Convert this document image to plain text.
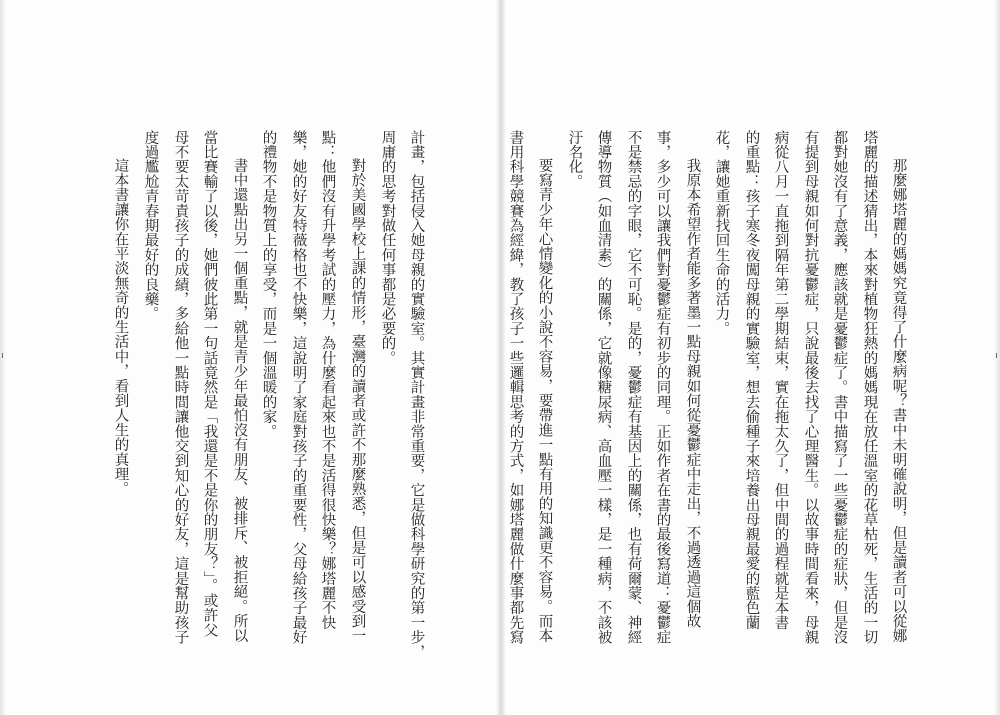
計畫，包括侵入她母親的實驗室。其實計畫非常重要，它是做科學研究的第一步，
周庸的思考對做任何事都是必要的。
對於美國學校上課的情形，臺灣的讀者或許不那麼熟悉，但是可以感受到一
點：他們沒有升學考試的壓力，為什麼看起來也不是活得很快樂？娜塔麗不快
樂，她的好友特薇格也不快樂，這說明了家庭對孩子的重要性，父母給孩子最好
的禮物不是物質上的享受，而是一個溫暖的家。
書中還點出另一個重點，就是青少年最怕沒有朋友、被排斥、被拒絕。所以
當比賽輸了以後，她們彼此第一句話竟然是「我還是不是你的朋友？」。或許父
母不要太苛責孩子的成績，多給他一點時間讓他交到知心的好友，這是幫助孩子
度過尷尬青春期最好的良藥。
這本書讓你在平淡無奇的生活中，看到人生的真理。	那麼娜塔麗的媽媽究竟得了什麼病呢？書中未明確說明，但是讀者可以從娜
塔麗的描述猜出，本來對植物狂熱的媽媽現在放任溫室的花草枯死，生活的一切
都對她沒有了意義，應該就是憂鬱症了。書中描寫了一些憂鬱症的症狀，但是沒
有提到母親如何對抗憂鬱症，只說最後去找了心理醫生。以故事時間看來，母親
病從八月一直拖到隔年第二學期結束，實在拖太久了，但中間的過程就是本書
的重點：孩子寒冬夜闖母親的實驗室，想去偷種子來培養出母親最愛的藍色蘭
花，讓她重新找回生命的活力。
我原本希望作者能多著墨一點母親如何從憂鬱症中走出，不過透過這個故
事，多少可以讓我們對憂鬱症有初步的同理。正如作者在書的最後寫道：憂鬱症
不是禁忌的字眼，它不可恥。是的，憂鬱症有基因上的關係，也有荷爾蒙、神經
傳導物質（如血清素）的關係，它就像糖尿病、高血壓一樣，是一種病，不該被
汙名化。
要寫青少年心情變化的小說不容易，要帶進一點有用的知識更不容易。而本
書用科學競賽為經緯，教了孩子一些邏輯思考的方式，如娜塔麗做什麼事都先寫
